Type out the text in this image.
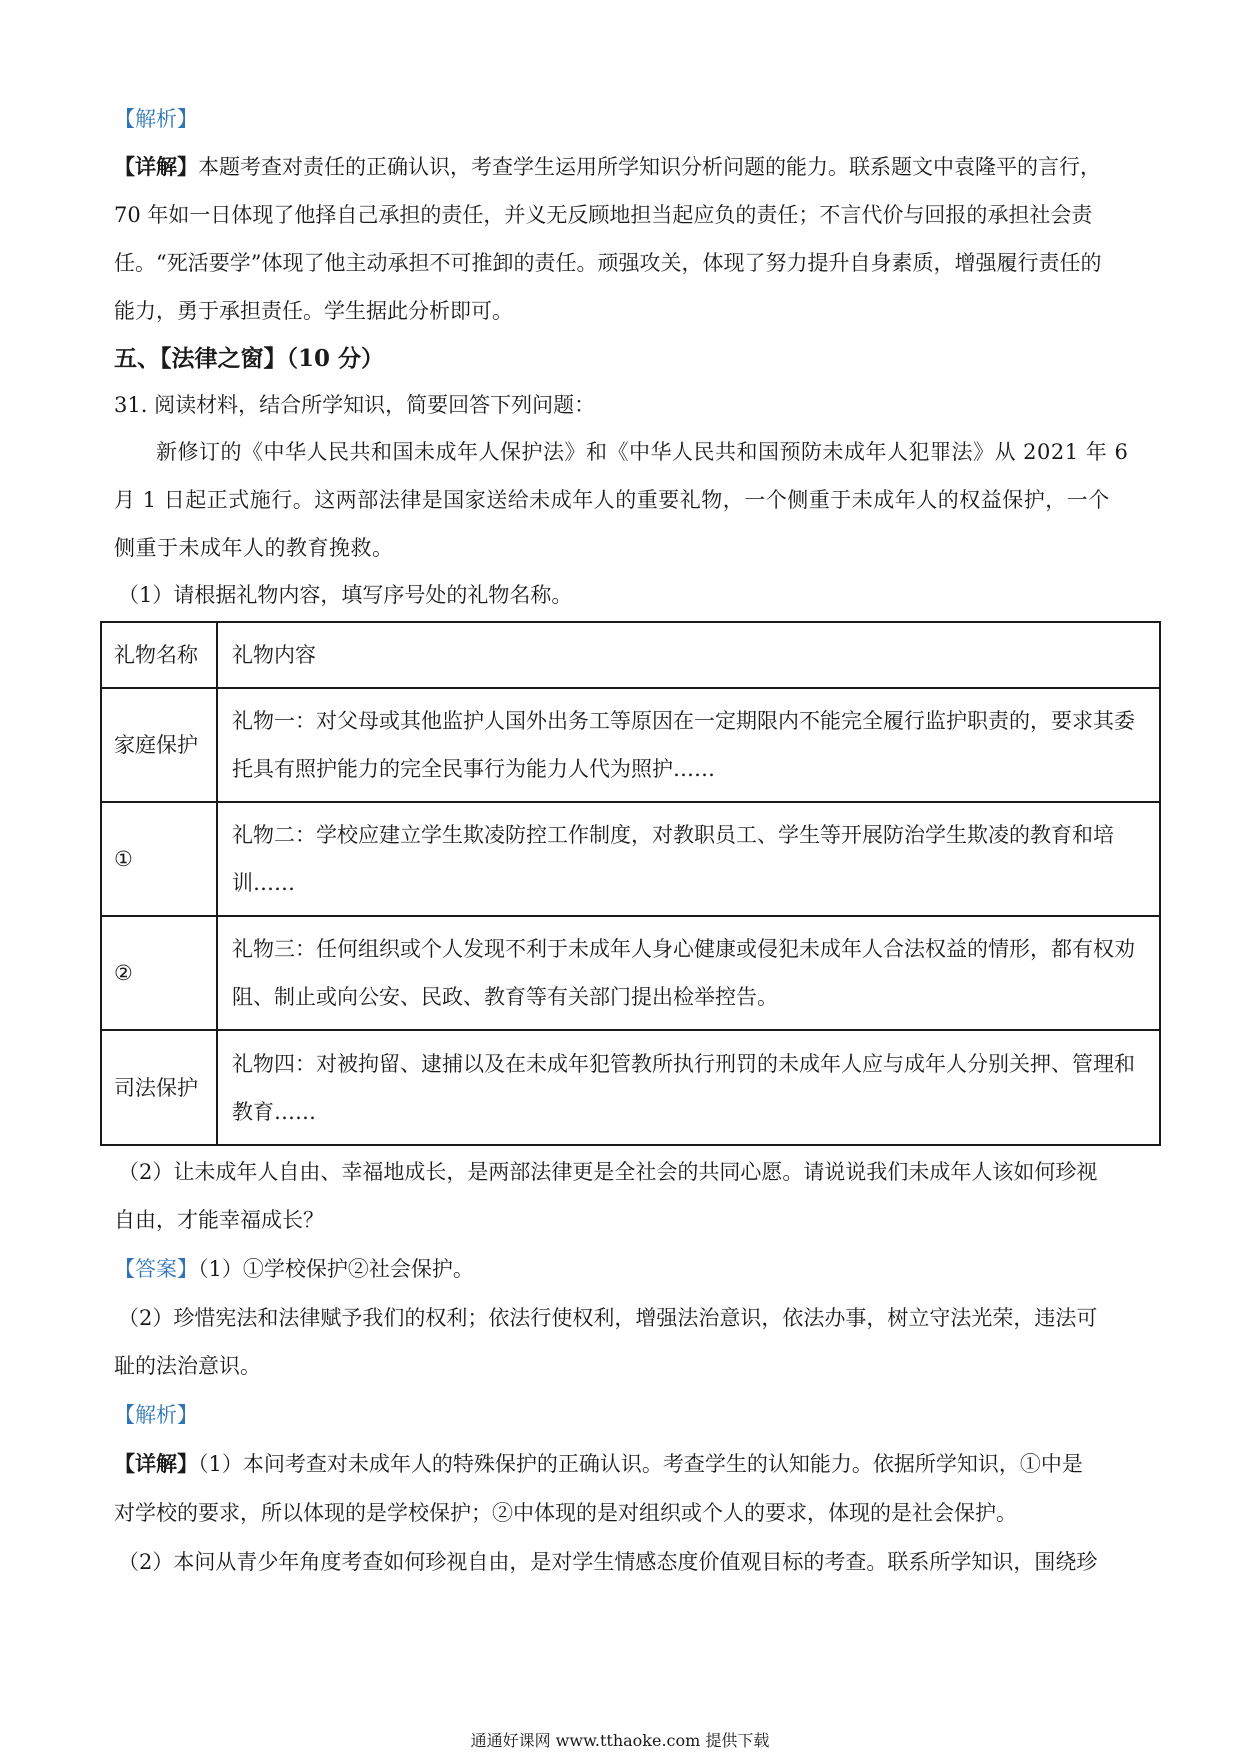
【解析】
【详解】本题考查对责任的正确认识，考查学生运用所学知识分析问题的能力。联系题文中袁隆平的言行，
70 年如一日体现了他择自己承担的责任，并义无反顾地担当起应负的责任；不言代价与回报的承担社会责
任。“死活要学”体现了他主动承担不可推卸的责任。顽强攻关，体现了努力提升自身素质，增强履行责任的
能力，勇于承担责任。学生据此分析即可。
五、【法律之窗】（10 分）
31. 阅读材料，结合所学知识，简要回答下列问题：
新修订的《中华人民共和国未成年人保护法》和《中华人民共和国预防未成年人犯罪法》从 2021 年 6
月 1 日起正式施行。这两部法律是国家送给未成年人的重要礼物，一个侧重于未成年人的权益保护，一个
侧重于未成年人的教育挽救。
（1）请根据礼物内容，填写序号处的礼物名称。
礼物名称	礼物内容
家庭保护	礼物一：对父母或其他监护人国外出务工等原因在一定期限内不能完全履行监护职责的，要求其委托具有照护能力的完全民事行为能力人代为照护……
①	礼物二：学校应建立学生欺凌防控工作制度，对教职员工、学生等开展防治学生欺凌的教育和培训……
②	礼物三：任何组织或个人发现不利于未成年人身心健康或侵犯未成年人合法权益的情形，都有权劝阻、制止或向公安、民政、教育等有关部门提出检举控告。
司法保护	礼物四：对被拘留、逮捕以及在未成年犯管教所执行刑罚的未成年人应与成年人分别关押、管理和教育……
（2）让未成年人自由、幸福地成长，是两部法律更是全社会的共同心愿。请说说我们未成年人该如何珍视
自由，才能幸福成长？
【答案】（1）①学校保护②社会保护。
（2）珍惜宪法和法律赋予我们的权利；依法行使权利，增强法治意识，依法办事，树立守法光荣，违法可
耻的法治意识。
【解析】
【详解】（1）本问考查对未成年人的特殊保护的正确认识。考查学生的认知能力。依据所学知识，①中是
对学校的要求，所以体现的是学校保护；②中体现的是对组织或个人的要求，体现的是社会保护。
（2）本问从青少年角度考查如何珍视自由，是对学生情感态度价值观目标的考查。联系所学知识，围绕珍
通通好课网 www.tthaoke.com 提供下载
